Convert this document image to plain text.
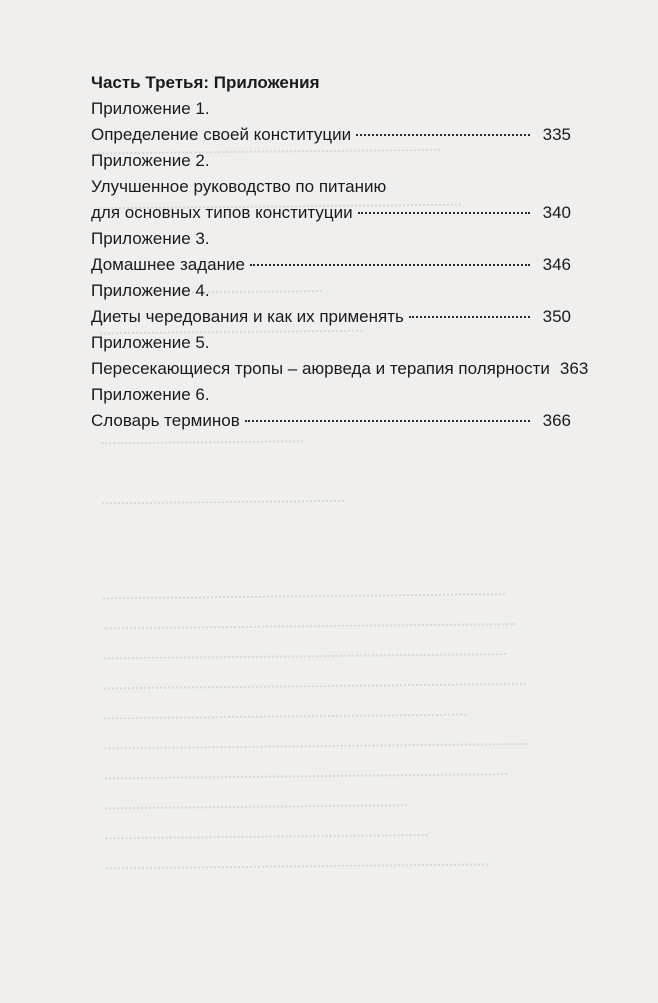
Часть Третья: Приложения
Приложение 1.
Определение своей конституции	335
Приложение 2.
Улучшенное руководство по питанию
для основных типов конституции	340
Приложение 3.
Домашнее задание	346
Приложение 4.
Диеты чередования и как их применять	350
Приложение 5.
Пересекающиеся тропы – аюрведа и терапия полярности 363
Приложение 6.
Словарь терминов	366
